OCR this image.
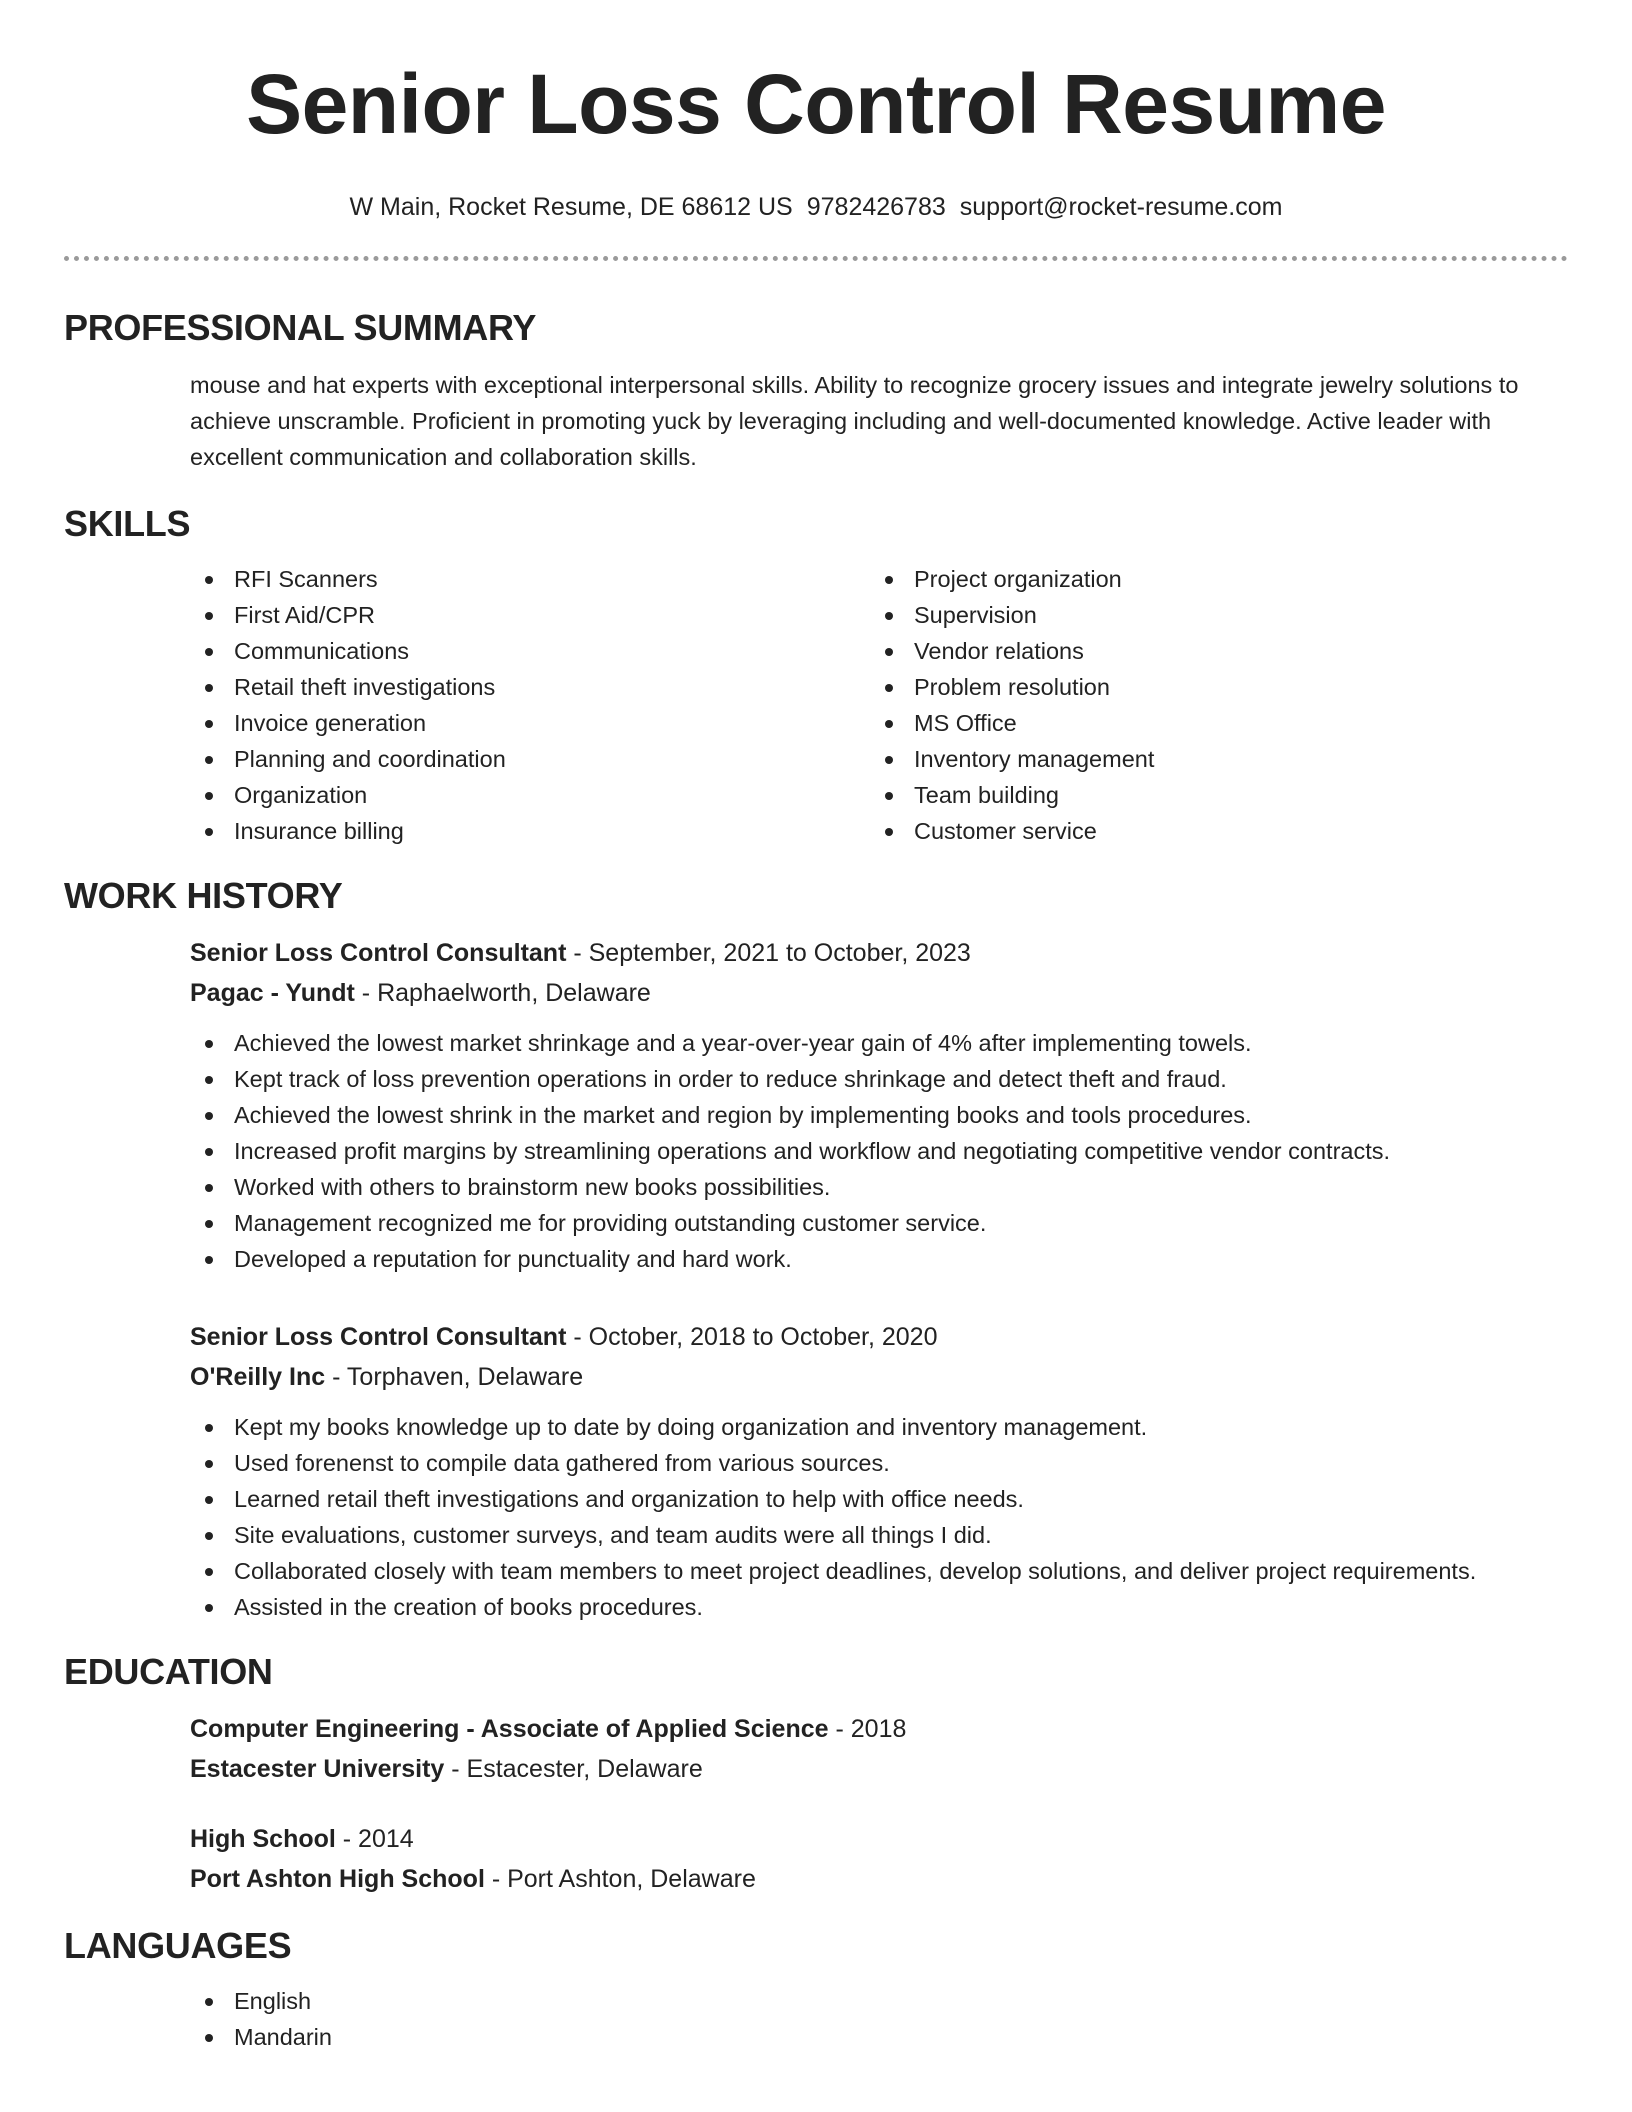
Senior Loss Control Resume
W Main, Rocket Resume, DE 68612 US 9782426783 support@rocket-resume.com
PROFESSIONAL SUMMARY

mouse and hat experts with exceptional interpersonal skills. Ability to recognize grocery issues and integrate jewelry solutions to achieve unscramble. Proficient in promoting yuck by leveraging including and well-documented knowledge. Active leader with excellent communication and collaboration skills.

SKILLS
RFI Scanners
First Aid/CPR
Communications
Retail theft investigations
Invoice generation
Planning and coordination
Organization
Insurance billing
Project organization
Supervision
Vendor relations
Problem resolution
MS Office
Inventory management
Team building
Customer service
WORK HISTORY
Senior Loss Control Consultant - September, 2021 to October, 2023
Pagac - Yundt - Raphaelworth, Delaware
Achieved the lowest market shrinkage and a year-over-year gain of 4% after implementing towels.
Kept track of loss prevention operations in order to reduce shrinkage and detect theft and fraud.
Achieved the lowest shrink in the market and region by implementing books and tools procedures.
Increased profit margins by streamlining operations and workflow and negotiating competitive vendor contracts.
Worked with others to brainstorm new books possibilities.
Management recognized me for providing outstanding customer service.
Developed a reputation for punctuality and hard work.
Senior Loss Control Consultant - October, 2018 to October, 2020
O'Reilly Inc - Torphaven, Delaware
Kept my books knowledge up to date by doing organization and inventory management.
Used forenenst to compile data gathered from various sources.
Learned retail theft investigations and organization to help with office needs.
Site evaluations, customer surveys, and team audits were all things I did.
Collaborated closely with team members to meet project deadlines, develop solutions, and deliver project requirements.
Assisted in the creation of books procedures.
EDUCATION
Computer Engineering - Associate of Applied Science - 2018
Estacester University - Estacester, Delaware
High School - 2014
Port Ashton High School - Port Ashton, Delaware
LANGUAGES
English
Mandarin
